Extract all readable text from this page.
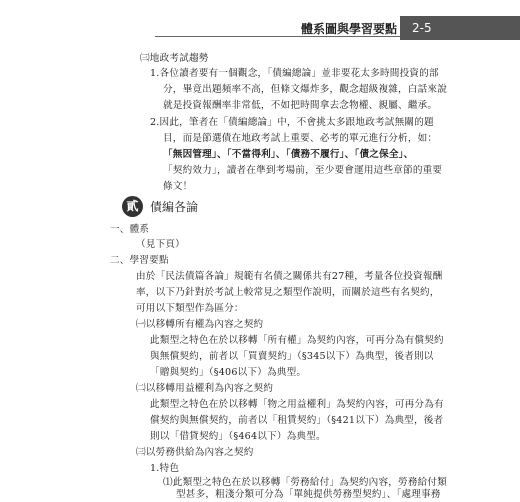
體系圖與學習要點	2-5
貳 債編各論
㈢地政考試趨勢
1.各位讀者要有一個觀念，「債編總論」並非要花太多時間投資的部
分，畢竟出題頻率不高，但條文爆炸多，觀念超級複雜，白話來說
就是投資報酬率非常低，不如把時間拿去念物權、親屬、繼承。
2.因此，筆者在「債編總論」中，不會挑太多跟地政考試無關的題
目，而是節選債在地政考試上重要、必考的單元進行分析，如：
「無因管理」、「不當得利」、「債務不履行」、「債之保全」、
「契約效力」，讀者在準到考場前，至少要會運用這些章節的重要
條文！
一、體系
（見下頁）
二、學習要點
由於「民法債篇各論」規範有名債之關係共有27種，考量各位投資報酬
率，以下乃針對於考試上較常見之類型作說明，而關於這些有名契約，
可用以下類型作為區分：
㈠以移轉所有權為內容之契約
此類型之特色在於以移轉「所有權」為契約內容，可再分為有償契約
與無償契約，前者以「買賣契約」（§345以下）為典型，後者則以
「贈與契約」（§406以下）為典型。
㈡以移轉用益權利為內容之契約
此類型之特色在於以移轉「物之用益權利」為契約內容，可再分為有
償契約與無償契約，前者以「租賃契約」（§421以下）為典型，後者
則以「借貸契約」（§464以下）為典型。
㈢以勞務供給為內容之契約
1.特色
⑴此類型之特色在於以移轉「勞務給付」為契約內容，勞務給付類
型甚多，粗淺分類可分為「單純提供勞務型契約」、「處理事務
